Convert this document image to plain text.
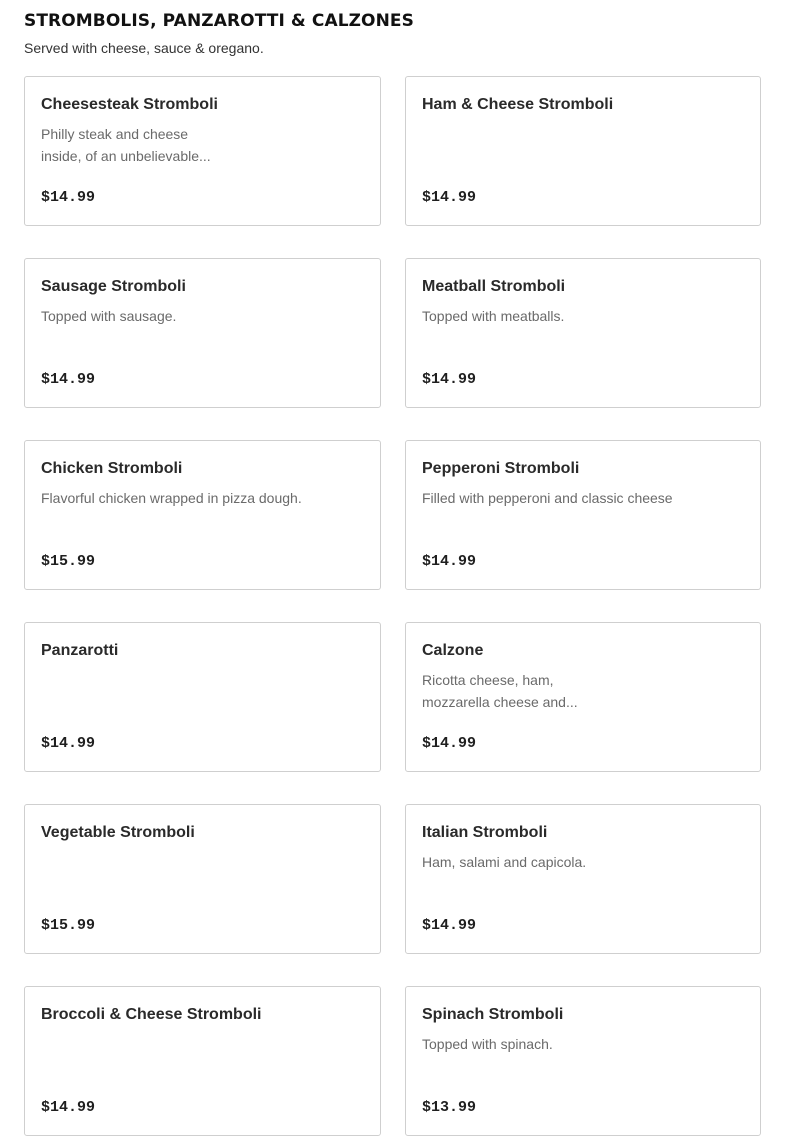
STROMBOLIS, PANZAROTTI & CALZONES
Served with cheese, sauce & oregano.
Cheesesteak Stromboli
Philly steak and cheese
inside, of an unbelievable...
$14.99
Ham & Cheese Stromboli
$14.99
Sausage Stromboli
Topped with sausage.
$14.99
Meatball Stromboli
Topped with meatballs.
$14.99
Chicken Stromboli
Flavorful chicken wrapped in pizza dough.
$15.99
Pepperoni Stromboli
Filled with pepperoni and classic cheese
$14.99
Panzarotti
$14.99
Calzone
Ricotta cheese, ham,
mozzarella cheese and...
$14.99
Vegetable Stromboli
$15.99
Italian Stromboli
Ham, salami and capicola.
$14.99
Broccoli & Cheese Stromboli
$14.99
Spinach Stromboli
Topped with spinach.
$13.99
